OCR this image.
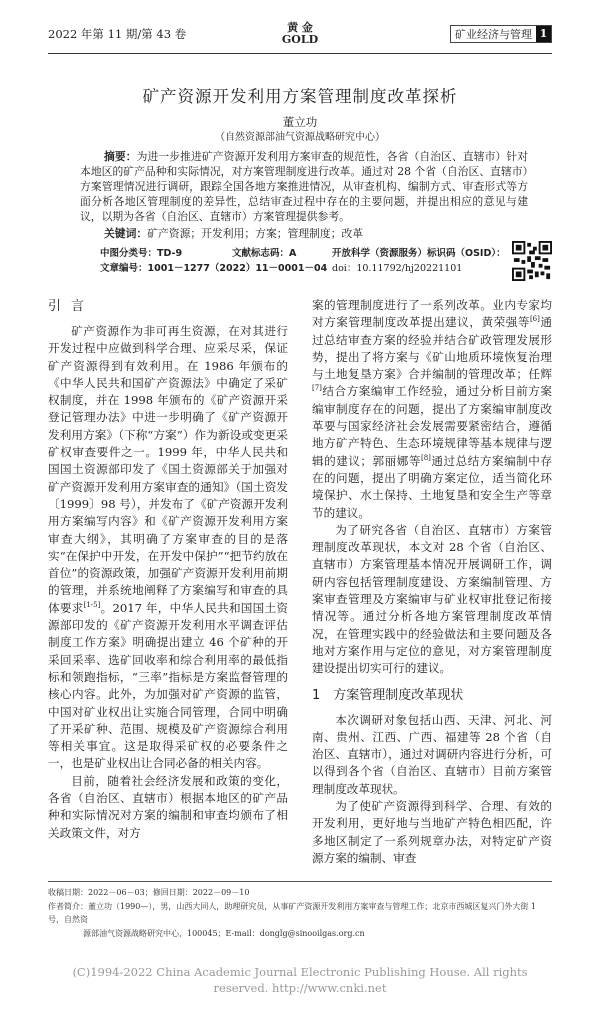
2022 年第 11 期/第 43 卷	黄 金
GOLD	矿业经济与管理 1
矿产资源开发利用方案管理制度改革探析
董立功
（自然资源部油气资源战略研究中心）
摘要：为进一步推进矿产资源开发利用方案审查的规范性，各省（自治区、直辖市）针对本地区的矿产品种和实际情况，对方案管理制度进行改革。通过对 28 个省（自治区、直辖市）方案管理情况进行调研，跟踪全国各地方案推进情况，从审查机构、编制方式、审查形式等方面分析各地区管理制度的差异性，总结审查过程中存在的主要问题，并提出相应的意见与建议，以期为各省（自治区、直辖市）方案管理提供参考。
关键词：矿产资源；开发利用；方案；管理制度；改革
中图分类号：TD-9	文献标志码：A	开放科学（资源服务）标识码（OSID）：
文章编号：1001－1277（2022）11－0001－04 doi：10.11792/hj20221101
引言

矿产资源作为非可再生资源，在对其进行开发过程中应做到科学合理、应采尽采，保证矿产资源得到有效利用。在 1986 年颁布的《中华人民共和国矿产资源法》中确定了采矿权制度，并在 1998 年颁布的《矿产资源开采登记管理办法》中进一步明确了《矿产资源开发利用方案》（下称“方案”）作为新设或变更采矿权审查要件之一。1999 年，中华人民共和国国土资源部印发了《国土资源部关于加强对矿产资源开发利用方案审查的通知》（国土资发〔1999〕98 号），并发布了《矿产资源开发利用方案编写内容》和《矿产资源开发利用方案审查大纲》，其明确了方案审查的目的是落实“在保护中开发，在开发中保护”“把节约放在首位”的资源政策，加强矿产资源开发利用前期的管理，并系统地阐释了方案编写和审查的具体要求[1-5]。2017 年，中华人民共和国国土资源部印发的《矿产资源开发利用水平调查评估制度工作方案》明确提出建立 46 个矿种的开采回采率、选矿回收率和综合利用率的最低指标和领跑指标，“三率”指标是方案监督管理的核心内容。此外，为加强对矿产资源的监管，中国对矿业权出让实施合同管理，合同中明确了开采矿种、范围、规模及矿产资源综合利用等相关事宜。这是取得采矿权的必要条件之一，也是矿业权出让合同必备的相关内容。

目前，随着社会经济发展和政策的变化，各省（自治区、直辖市）根据本地区的矿产品种和实际情况对方案的编制和审查均颁布了相关政策文件，对方

案的管理制度进行了一系列改革。业内专家均对方案管理制度改革提出建议，黄荣强等[6]通过总结审查方案的经验并结合矿政管理发展形势，提出了将方案与《矿山地质环境恢复治理与土地复垦方案》合并编制的管理改革；任辉[7]结合方案编审工作经验，通过分析目前方案编审制度存在的问题，提出了方案编审制度改革要与国家经济社会发展需要紧密结合，遵循地方矿产特色、生态环境规律等基本规律与逻辑的建议；郭丽娜等[8]通过总结方案编制中存在的问题，提出了明确方案定位，适当简化环境保护、水土保持、土地复垦和安全生产等章节的建议。

为了研究各省（自治区、直辖市）方案管理制度改革现状，本文对 28 个省（自治区、直辖市）方案管理基本情况开展调研工作，调研内容包括管理制度建设、方案编制管理、方案审查管理及方案编审与矿业权审批登记衔接情况等。通过分析各地方案管理制度改革情况，在管理实践中的经验做法和主要问题及各地对方案作用与定位的意见，对方案管理制度建设提出切实可行的建议。

1　方案管理制度改革现状

本次调研对象包括山西、天津、河北、河南、贵州、江西、广西、福建等 28 个省（自治区、直辖市），通过对调研内容进行分析，可以得到各个省（自治区、直辖市）目前方案管理制度改革现状。

为了使矿产资源得到科学、合理、有效的开发利用，更好地与当地矿产特色相匹配，许多地区制定了一系列规章办法，对特定矿产资源方案的编制、审查

收稿日期：2022－06－03；修回日期：2022－09－10
作者简介：董立功（1990—），男，山西大同人，助理研究员，从事矿产资源开发利用方案审查与管理工作；北京市西城区复兴门外大街 1 号，自然资
源部油气资源战略研究中心，100045；E-mail：donglg@sinooilgas.org.cn
(C)1994-2022 China Academic Journal Electronic Publishing House. All rights reserved. http://www.cnki.net
